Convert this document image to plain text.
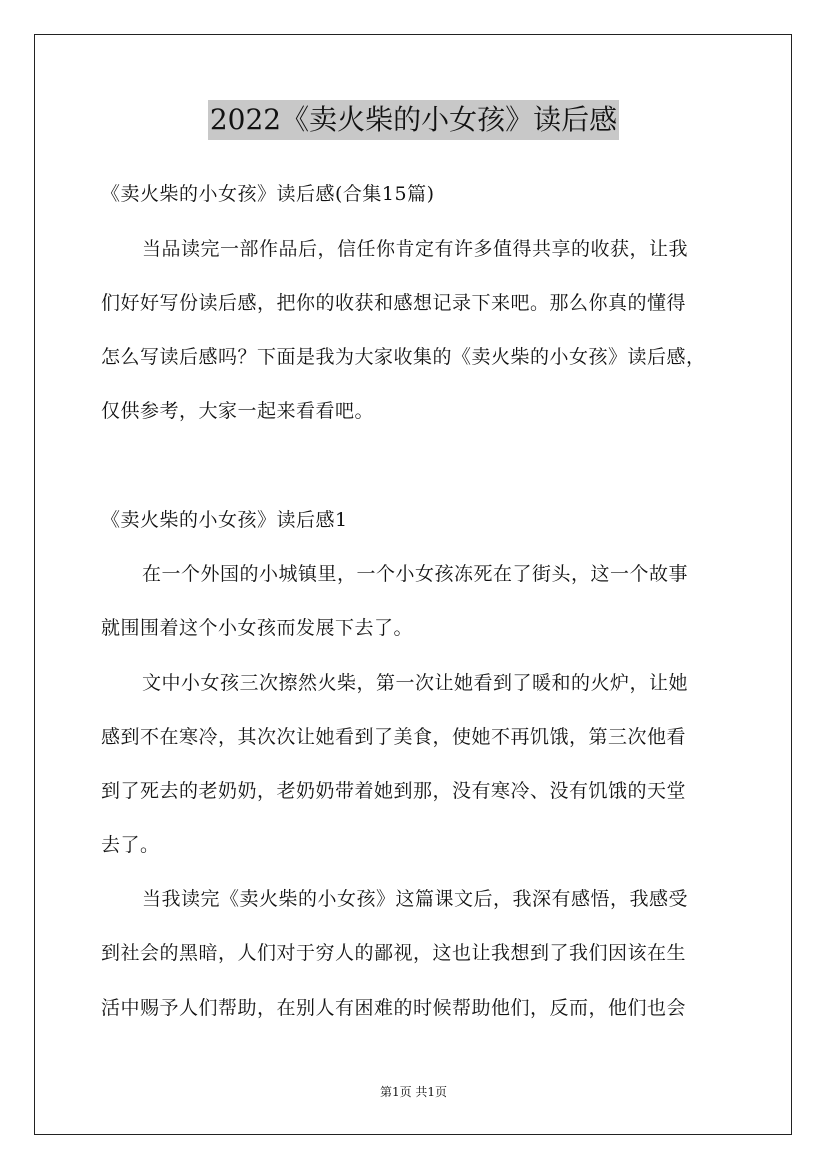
2022《卖火柴的小女孩》读后感
《卖火柴的小女孩》读后感(合集15篇)
当品读完一部作品后，信任你肯定有许多值得共享的收获，让我
们好好写份读后感，把你的收获和感想记录下来吧。那么你真的懂得
怎么写读后感吗？下面是我为大家收集的《卖火柴的小女孩》读后感，
仅供参考，大家一起来看看吧。
《卖火柴的小女孩》读后感1
在一个外国的小城镇里，一个小女孩冻死在了街头，这一个故事
就围围着这个小女孩而发展下去了。
文中小女孩三次擦然火柴，第一次让她看到了暖和的火炉，让她
感到不在寒冷，其次次让她看到了美食，使她不再饥饿，第三次他看
到了死去的老奶奶，老奶奶带着她到那，没有寒冷、没有饥饿的天堂
去了。
当我读完《卖火柴的小女孩》这篇课文后，我深有感悟，我感受
到社会的黑暗，人们对于穷人的鄙视，这也让我想到了我们因该在生
活中赐予人们帮助，在别人有困难的时候帮助他们，反而，他们也会
第1页 共1页
